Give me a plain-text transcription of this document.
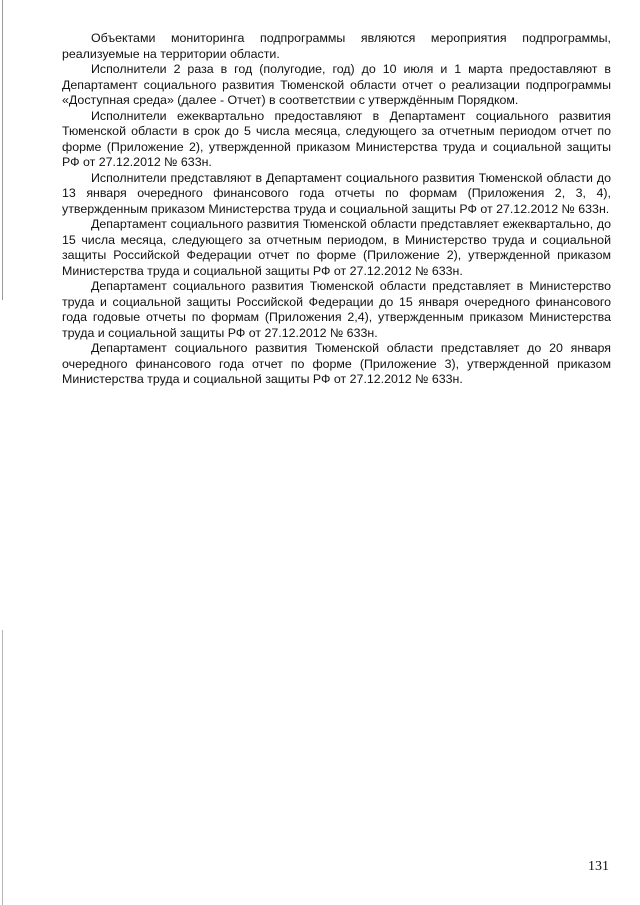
Объектами мониторинга подпрограммы являются мероприятия подпрограммы, реализуемые на территории области.

Исполнители 2 раза в год (полугодие, год) до 10 июля и 1 марта предоставляют в Департамент социального развития Тюменской области отчет о реализации подпрограммы «Доступная среда» (далее - Отчет) в соответствии с утверждённым Порядком.

Исполнители ежеквартально предоставляют в Департамент социального развития Тюменской области в срок до 5 числа месяца, следующего за отчетным периодом отчет по форме (Приложение 2), утвержденной приказом Министерства труда и социальной защиты РФ от 27.12.2012 № 633н.

Исполнители представляют в Департамент социального развития Тюменской области до 13 января очередного финансового года отчеты по формам (Приложения 2, 3, 4), утвержденным приказом Министерства труда и социальной защиты РФ от 27.12.2012 № 633н.

Департамент социального развития Тюменской области представляет ежеквартально, до 15 числа месяца, следующего за отчетным периодом, в Министерство труда и социальной защиты Российской Федерации отчет по форме (Приложение 2), утвержденной приказом Министерства труда и социальной защиты РФ от 27.12.2012 № 633н.

Департамент социального развития Тюменской области представляет в Министерство труда и социальной защиты Российской Федерации до 15 января очередного финансового года годовые отчеты по формам (Приложения 2,4), утвержденным приказом Министерства труда и социальной защиты РФ от 27.12.2012 № 633н.

Департамент социального развития Тюменской области представляет до 20 января очередного финансового года отчет по форме (Приложение 3), утвержденной приказом Министерства труда и социальной защиты РФ от 27.12.2012 № 633н.

131
